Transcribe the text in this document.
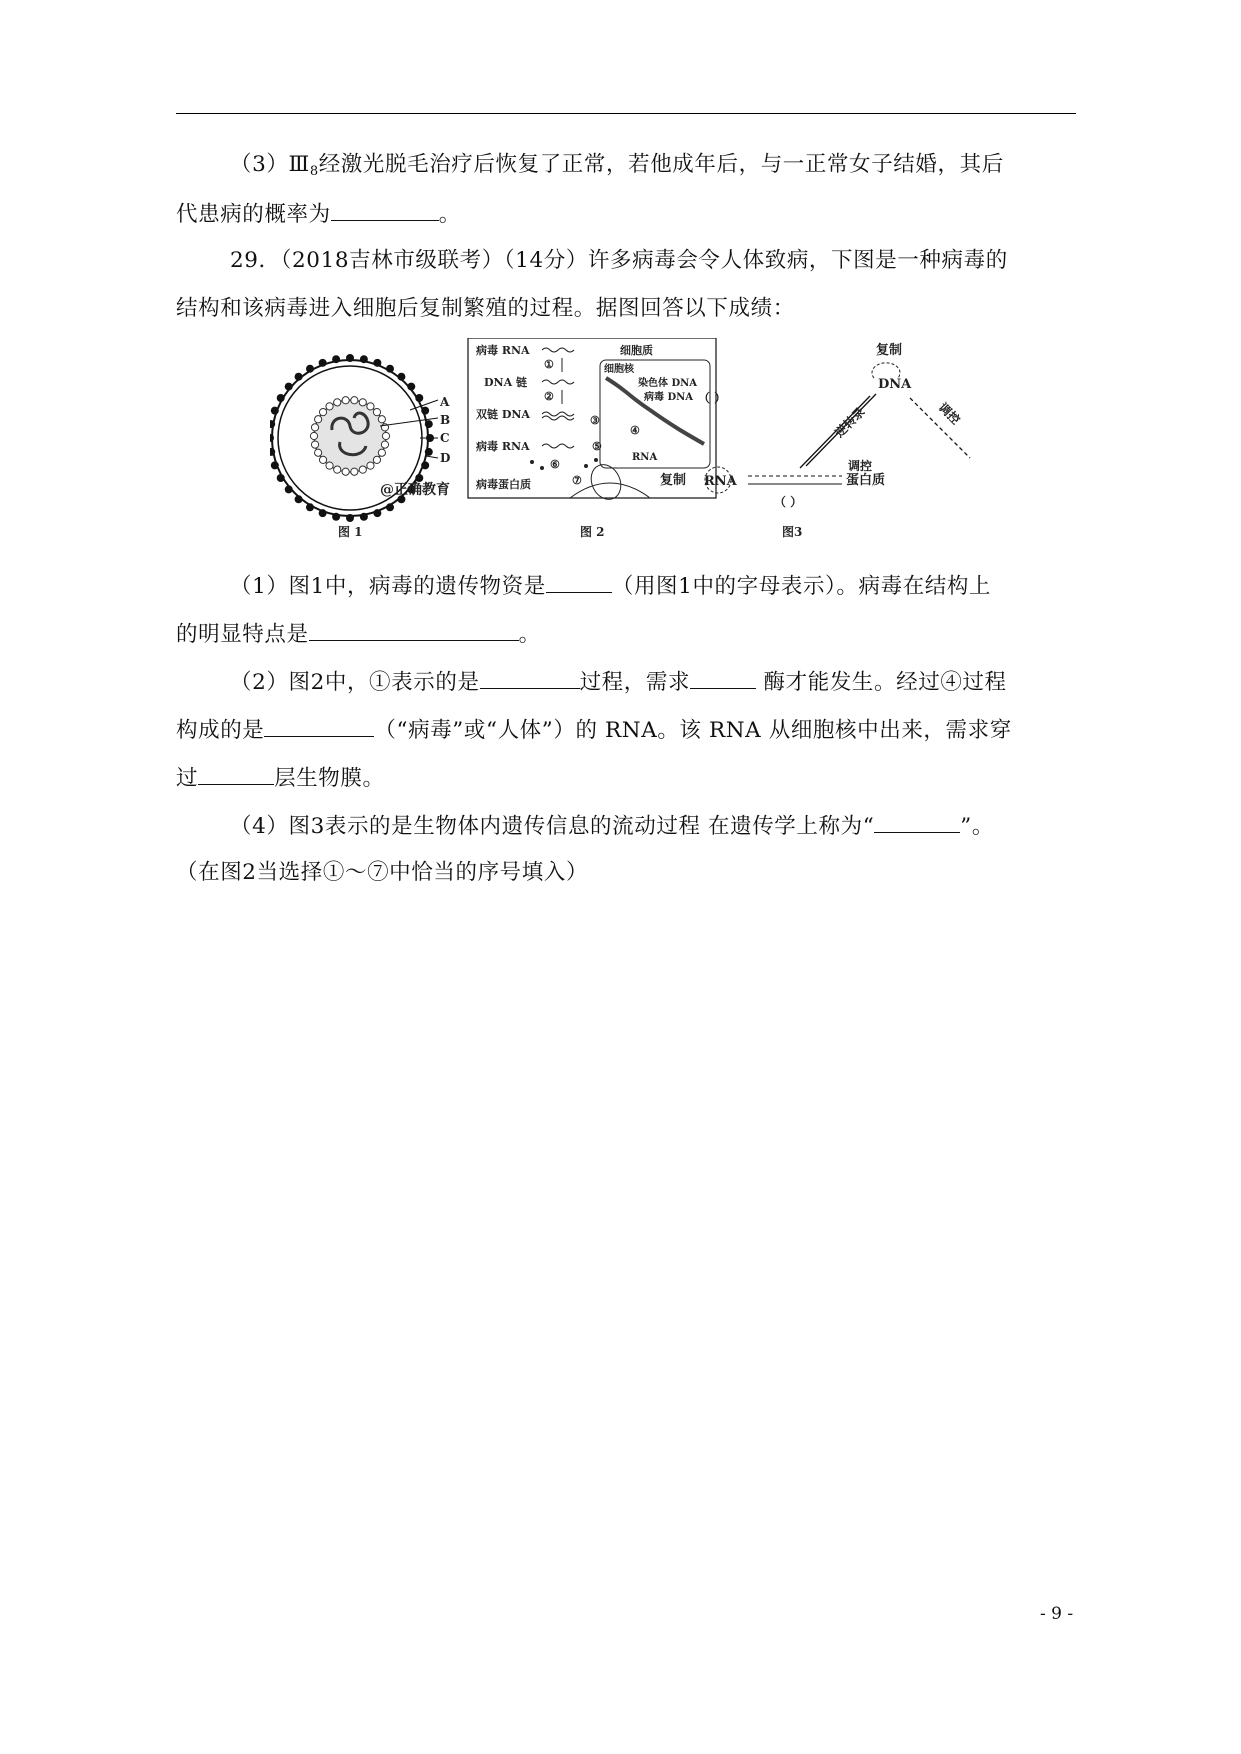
$(3)Ⅲ_8$经激光脱毛治疗后恢复了正常，若他成年后，与一正常女子结婚，其后
代患病的概率为	。
29．（2018吉林市级联考）（14分）许多病毒会令人体致病，下图是一种病毒的
结构和该病毒进入细胞后复制繁殖的过程。据图回答以下成绩：
A
B
C
D
@正确教育
图 1
病毒 RNA
①
DNA 链
②
双链 DNA
病毒 RNA
病毒蛋白质
⑥
⑦
细胞质
细胞核
染色体 DNA
病毒 DNA
③
④
⑤
RNA
图 2
复制
DNA
（ ）
逆转录	调控
复制 RNA
调控
蛋白质
（ ）
图3
（1）图1中，病毒的遗传物资是	（用图1中的字母表示）。病毒在结构上
的明显特点是	。
（2）图2中，①表示的是	过程，需求	酶才能发生。经过④过程
构成的是	（“病毒”或“人体”）的 RNA。该 RNA 从细胞核中出来，需求穿
过	层生物膜。
（4）图3表示的是生物体内遗传信息的流动过程 在遗传学上称为“	”。
（在图2当选择①～⑦中恰当的序号填入）
- 9 -
